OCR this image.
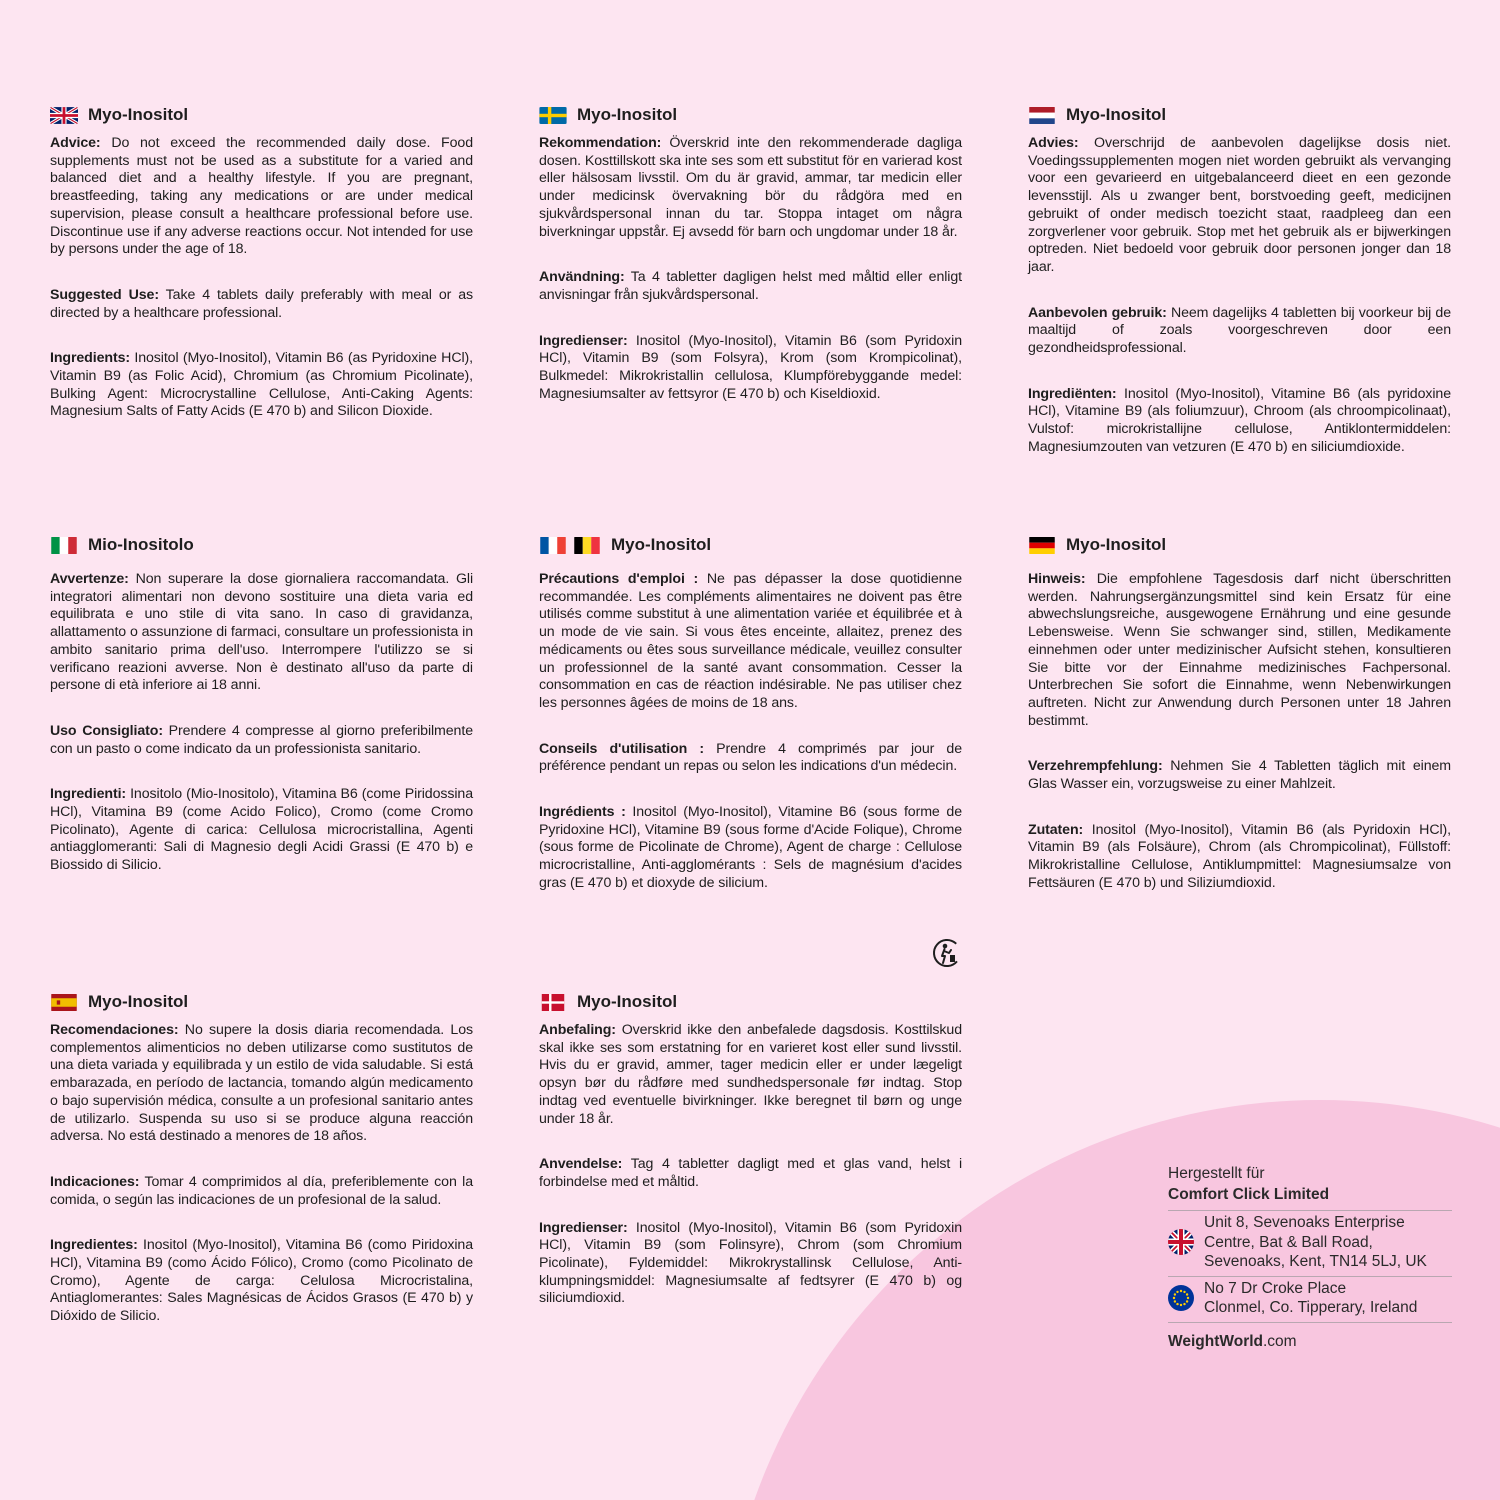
Myo-Inositol

Advice: Do not exceed the recommended daily dose. Food supplements must not be used as a substitute for a varied and balanced diet and a healthy lifestyle. If you are pregnant, breastfeeding, taking any medications or are under medical supervision, please consult a healthcare professional before use. Discontinue use if any adverse reactions occur. Not intended for use by persons under the age of 18.

Suggested Use: Take 4 tablets daily preferably with meal or as directed by a healthcare professional.

Ingredients: Inositol (Myo-Inositol), Vitamin B6 (as Pyridoxine HCl), Vitamin B9 (as Folic Acid), Chromium (as Chromium Picolinate), Bulking Agent: Microcrystalline Cellulose, Anti-Caking Agents: Magnesium Salts of Fatty Acids (E 470 b) and Silicon Dioxide.

Myo-Inositol

Rekommendation: Överskrid inte den rekommenderade dagliga dosen. Kosttillskott ska inte ses som ett substitut för en varierad kost eller hälsosam livsstil. Om du är gravid, ammar, tar medicin eller under medicinsk övervakning bör du rådgöra med en sjukvårdspersonal innan du tar. Stoppa intaget om några biverkningar uppstår. Ej avsedd för barn och ungdomar under 18 år.

Användning: Ta 4 tabletter dagligen helst med måltid eller enligt anvisningar från sjukvårdspersonal.

Ingredienser: Inositol (Myo-Inositol), Vitamin B6 (som Pyridoxin HCl), Vitamin B9 (som Folsyra), Krom (som Krompicolinat), Bulkmedel: Mikrokristallin cellulosa, Klumpförebyggande medel: Magnesiumsalter av fettsyror (E 470 b) och Kiseldioxid.

Myo-Inositol

Advies: Overschrijd de aanbevolen dagelijkse dosis niet. Voedingssupplementen mogen niet worden gebruikt als vervanging voor een gevarieerd en uitgebalanceerd dieet en een gezonde levensstijl. Als u zwanger bent, borstvoeding geeft, medicijnen gebruikt of onder medisch toezicht staat, raadpleeg dan een zorgverlener voor gebruik. Stop met het gebruik als er bijwerkingen optreden. Niet bedoeld voor gebruik door personen jonger dan 18 jaar.

Aanbevolen gebruik: Neem dagelijks 4 tabletten bij voorkeur bij de maaltijd of zoals voorgeschreven door een gezondheidsprofessional.

Ingrediënten: Inositol (Myo-Inositol), Vitamine B6 (als pyridoxine HCl), Vitamine B9 (als foliumzuur), Chroom (als chroompicolinaat), Vulstof: microkristallijne cellulose, Antiklontermiddelen: Magnesiumzouten van vetzuren (E 470 b) en siliciumdioxide.

Mio-Inositolo

Avvertenze: Non superare la dose giornaliera raccomandata. Gli integratori alimentari non devono sostituire una dieta varia ed equilibrata e uno stile di vita sano. In caso di gravidanza, allattamento o assunzione di farmaci, consultare un professionista in ambito sanitario prima dell'uso. Interrompere l'utilizzo se si verificano reazioni avverse. Non è destinato all'uso da parte di persone di età inferiore ai 18 anni.

Uso Consigliato: Prendere 4 compresse al giorno preferibilmente con un pasto o come indicato da un professionista sanitario.

Ingredienti: Inositolo (Mio-Inositolo), Vitamina B6 (come Piridossina HCl), Vitamina B9 (come Acido Folico), Cromo (come Cromo Picolinato), Agente di carica: Cellulosa microcristallina, Agenti antiagglomeranti: Sali di Magnesio degli Acidi Grassi (E 470 b) e Biossido di Silicio.

Myo-Inositol

Précautions d'emploi : Ne pas dépasser la dose quotidienne recommandée. Les compléments alimentaires ne doivent pas être utilisés comme substitut à une alimentation variée et équilibrée et à un mode de vie sain. Si vous êtes enceinte, allaitez, prenez des médicaments ou êtes sous surveillance médicale, veuillez consulter un professionnel de la santé avant consommation. Cesser la consommation en cas de réaction indésirable. Ne pas utiliser chez les personnes âgées de moins de 18 ans.

Conseils d'utilisation : Prendre 4 comprimés par jour de préférence pendant un repas ou selon les indications d'un médecin.

Ingrédients : Inositol (Myo-Inositol), Vitamine B6 (sous forme de Pyridoxine HCl), Vitamine B9 (sous forme d'Acide Folique), Chrome (sous forme de Picolinate de Chrome), Agent de charge : Cellulose microcristalline, Anti-agglomérants : Sels de magnésium d'acides gras (E 470 b) et dioxyde de silicium.

Myo-Inositol

Hinweis: Die empfohlene Tagesdosis darf nicht überschritten werden. Nahrungsergänzungsmittel sind kein Ersatz für eine abwechslungsreiche, ausgewogene Ernährung und eine gesunde Lebensweise. Wenn Sie schwanger sind, stillen, Medikamente einnehmen oder unter medizinischer Aufsicht stehen, konsultieren Sie bitte vor der Einnahme medizinisches Fachpersonal. Unterbrechen Sie sofort die Einnahme, wenn Nebenwirkungen auftreten. Nicht zur Anwendung durch Personen unter 18 Jahren bestimmt.

Verzehrempfehlung: Nehmen Sie 4 Tabletten täglich mit einem Glas Wasser ein, vorzugsweise zu einer Mahlzeit.

Zutaten: Inositol (Myo-Inositol), Vitamin B6 (als Pyridoxin HCl), Vitamin B9 (als Folsäure), Chrom (als Chrompicolinat), Füllstoff: Mikrokristalline Cellulose, Antiklumpmittel: Magnesiumsalze von Fettsäuren (E 470 b) und Siliziumdioxid.

Myo-Inositol

Recomendaciones: No supere la dosis diaria recomendada. Los complementos alimenticios no deben utilizarse como sustitutos de una dieta variada y equilibrada y un estilo de vida saludable. Si está embarazada, en período de lactancia, tomando algún medicamento o bajo supervisión médica, consulte a un profesional sanitario antes de utilizarlo. Suspenda su uso si se produce alguna reacción adversa. No está destinado a menores de 18 años.

Indicaciones: Tomar 4 comprimidos al día, preferiblemente con la comida, o según las indicaciones de un profesional de la salud.

Ingredientes: Inositol (Myo-Inositol), Vitamina B6 (como Piridoxina HCl), Vitamina B9 (como Ácido Fólico), Cromo (como Picolinato de Cromo), Agente de carga: Celulosa Microcristalina, Antiaglomerantes: Sales Magnésicas de Ácidos Grasos (E 470 b) y Dióxido de Silicio.

Myo-Inositol

Anbefaling: Overskrid ikke den anbefalede dagsdosis. Kosttilskud skal ikke ses som erstatning for en varieret kost eller sund livsstil. Hvis du er gravid, ammer, tager medicin eller er under lægeligt opsyn bør du rådføre med sundhedspersonale før indtag. Stop indtag ved eventuelle bivirkninger. Ikke beregnet til børn og unge under 18 år.

Anvendelse: Tag 4 tabletter dagligt med et glas vand, helst i forbindelse med et måltid.

Ingredienser: Inositol (Myo-Inositol), Vitamin B6 (som Pyridoxin HCl), Vitamin B9 (som Folinsyre), Chrom (som Chromium Picolinate), Fyldemiddel: Mikrokrystallinsk Cellulose, Anti-klumpningsmiddel: Magnesiumsalte af fedtsyrer (E 470 b) og siliciumdioxid.

Hergestellt für
Comfort Click Limited
Unit 8, Sevenoaks Enterprise
Centre, Bat & Ball Road,
Sevenoaks, Kent, TN14 5LJ, UK
No 7 Dr Croke Place
Clonmel, Co. Tipperary, Ireland
WeightWorld.com
